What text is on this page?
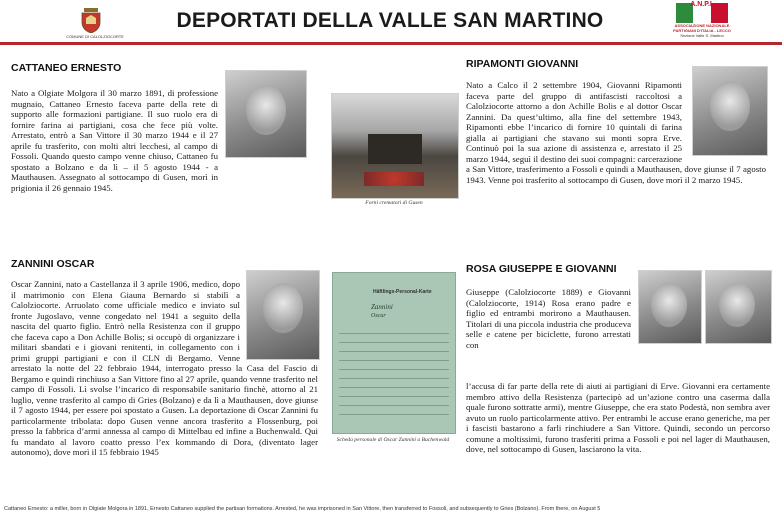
COMUNE DI CALOLZIOCORTE
DEPORTATI DELLA VALLE SAN MARTINO
A.N.P.I.
ASSOCIAZIONE NAZIONALE
PARTIGIANI D'ITALIA - LECCO
Sezione Valle S. Martino
CATTANEO ERNESTO
Nato a Olgiate Molgora il 30 marzo 1891, di professione mugnaio, Cattaneo Ernesto faceva parte della rete di supporto alle formazioni partigiane. Il suo ruolo era di fornire farina ai partigiani, cosa che fece più volte. Arrestato, entrò a San Vittore il 30 marzo 1944 e il 27 aprile fu trasferito, con molti altri lecchesi, al campo di Fossoli. Quando questo campo venne chiuso, Cattaneo fu spostato a Bolzano e da lì – il 5 agosto 1944 - a Mauthausen. Assegnato al sottocampo di Gusen, morì in prigionia il 26 gennaio 1945.
Forni crematori di Gusen
RIPAMONTI GIOVANNI
Nato a Calco il 2 settembre 1904, Giovanni Ripamonti faceva parte del gruppo di antifascisti raccoltosi a Calolziocorte attorno a don Achille Bolis e al dottor Oscar Zannini. Da quest’ultimo, alla fine del settembre 1943, Ripamonti ebbe l’incarico di fornire 10 quintali di farina gialla ai partigiani che stavano sui monti sopra Erve. Continuò poi la sua azione di assistenza e, arrestato il 25 marzo 1944, seguì il destino dei suoi compagni: carcerazione a San Vittore, trasferimento a Fossoli e quindi a Mauthausen, dove giunse il 7 agosto 1943. Venne poi trasferito al sottocampo di Gusen, dove morì il 2 marzo 1945.
ZANNINI OSCAR
Oscar Zannini, nato a Castellanza il 3 aprile 1906, medico, dopo il matrimonio con Elena Giauna Bernardo si stabilì a Calolziocorte. Arruolato come ufficiale medico e inviato sul fronte Jugoslavo, venne congedato nel 1941 a seguito della nascita del quarto figlio. Entrò nella Resistenza con il gruppo che faceva capo a Don Achille Bolis; si occupò di organizzare i militari sbandati e i giovani renitenti, in collegamento con i primi gruppi partigiani e con il CLN di Bergamo. Venne arrestato la notte del 22 febbraio 1944, interrogato presso la Casa del Fascio di Bergamo e quindi rinchiuso a San Vittore fino al 27 aprile, quando venne trasferito nel campo di Fossoli. Lì svolse l’incarico di responsabile sanitario finchè, attorno al 21 luglio, venne trasferito al campo di Gries (Bolzano) e da lì a Mauthausen, dove giunse il 7 agosto 1944, per essere poi spostato a Gusen. La deportazione di Oscar Zannini fu particolarmente tribolata: dopo Gusen venne ancora trasferito a Flossenburg, poi presso la fabbrica d’armi annessa al campo di Mittelbau ed infine a Buchenwald. Qui fu mandato al lavoro coatto presso l’ex kommando di Dora, (diventato lager autonomo), dove morì il 15 febbraio 1945
Häftlings-Personal-Karte
Zannini
Oscar
Scheda personale di Oscar Zannini a Buchenwald
ROSA GIUSEPPE E GIOVANNI
Giuseppe (Calolziocorte 1889) e Giovanni (Calolziocorte, 1914) Rosa erano padre e figlio ed entrambi morirono a Mauthausen. Titolari di una piccola industria che produceva selle e catene per biciclette, furono arrestati con
l’accusa di far parte della rete di aiuti ai partigiani di Erve. Giovanni era certamente membro attivo della Resistenza (partecipò ad un’azione contro una caserma dalla quale furono sottratte armi), mentre Giuseppe, che era stato Podestà, non sembra aver avuto un ruolo particolarmente attivo. Per entrambi le accuse erano generiche, ma per i fascisti bastarono a farli rinchiudere a San Vittore. Quindi, secondo un percorso comune a moltissimi, furono trasferiti prima a Fossoli e poi nel lager di Mauthausen, dove, nel sottocampo di Gusen, lasciarono la vita.
Cattaneo Ernesto: a miller, born in Olgiate Molgora in 1891, Ernesto Cattaneo supplied the partisan formations. Arrested, he was imprisoned in San Vittore, then transferred to Fossoli, and subsequently to Gries (Bolzano). From there, on August 5
